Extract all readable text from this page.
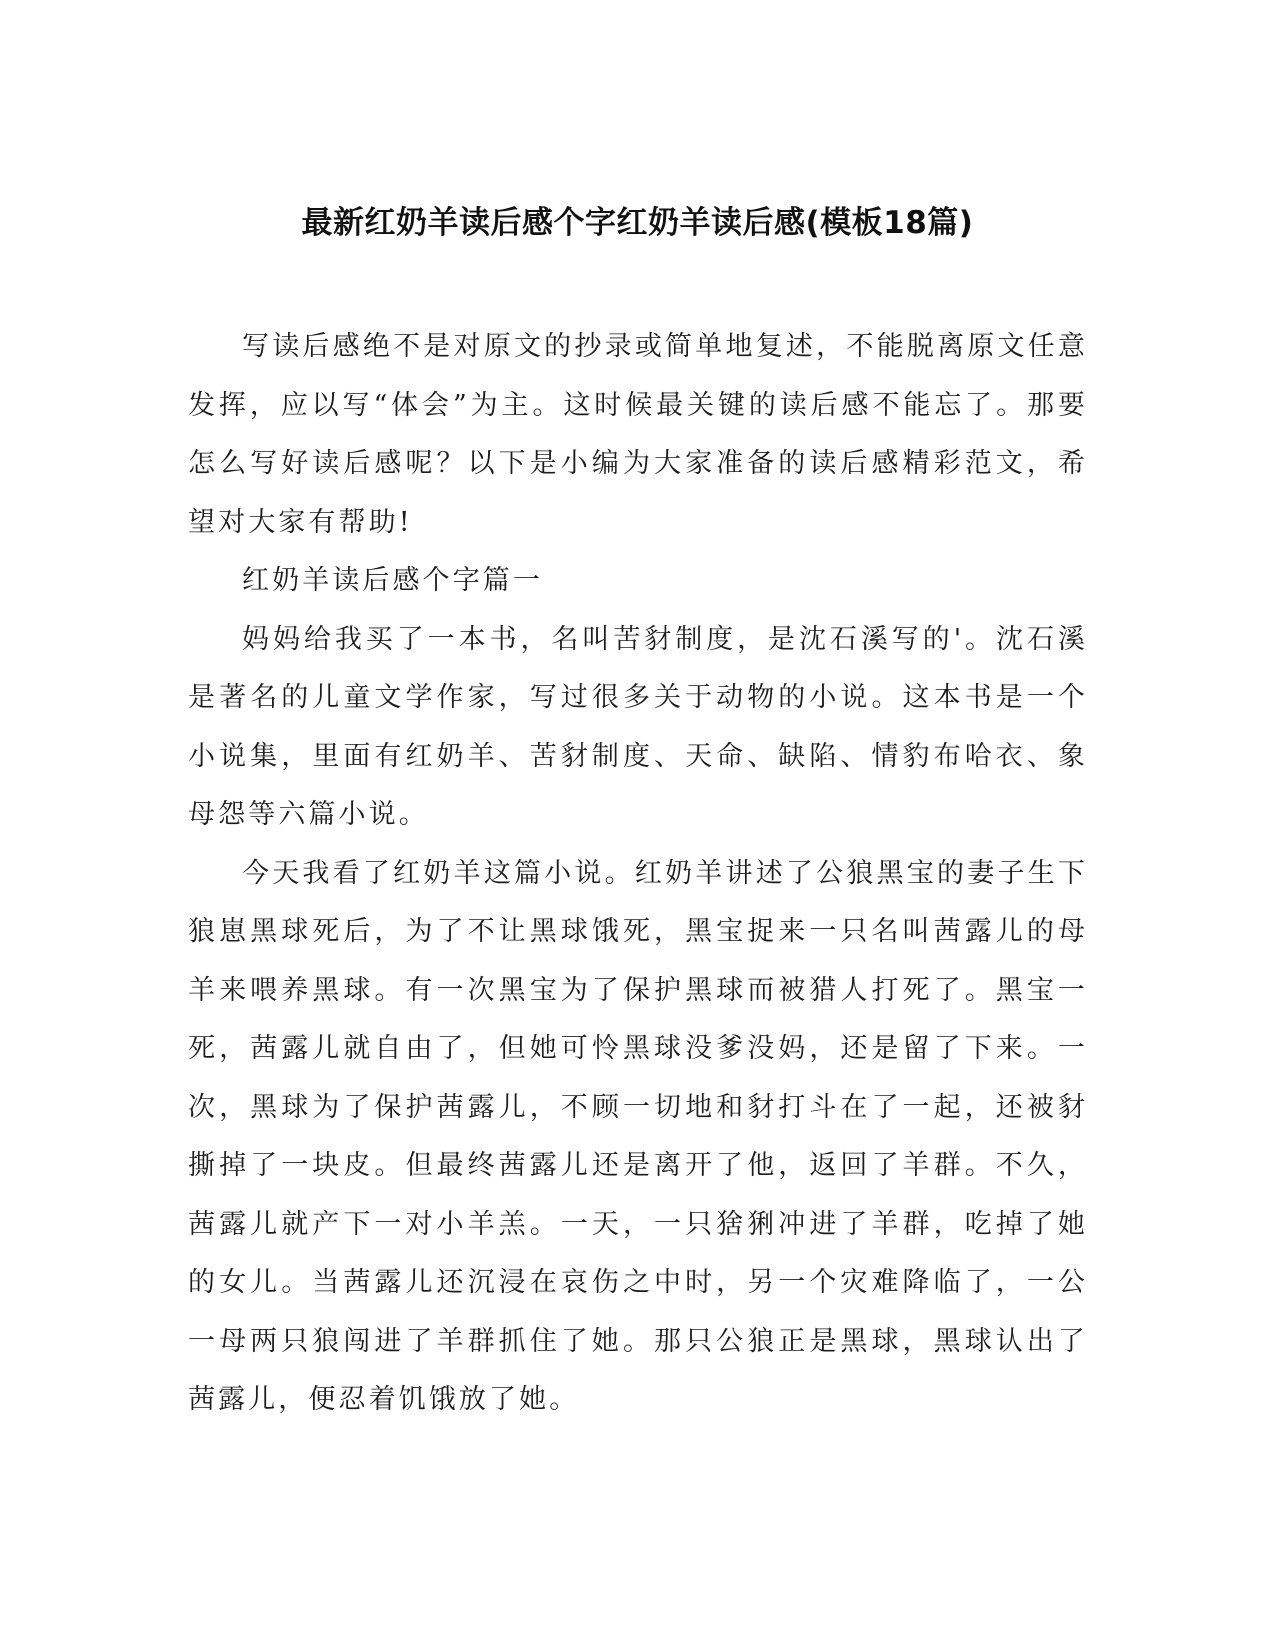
最新红奶羊读后感个字红奶羊读后感(模板18篇)

写读后感绝不是对原文的抄录或简单地复述，不能脱离原文任意发挥，应以写“体会”为主。这时候最关键的读后感不能忘了。那要怎么写好读后感呢？以下是小编为大家准备的读后感精彩范文，希望对大家有帮助!

红奶羊读后感个字篇一

妈妈给我买了一本书，名叫苦豺制度，是沈石溪写的'。沈石溪是著名的儿童文学作家，写过很多关于动物的小说。这本书是一个小说集，里面有红奶羊、苦豺制度、天命、缺陷、情豹布哈衣、象母怨等六篇小说。

今天我看了红奶羊这篇小说。红奶羊讲述了公狼黑宝的妻子生下狼崽黑球死后，为了不让黑球饿死，黑宝捉来一只名叫茜露儿的母羊来喂养黑球。有一次黑宝为了保护黑球而被猎人打死了。黑宝一死，茜露儿就自由了，但她可怜黑球没爹没妈，还是留了下来。一次，黑球为了保护茜露儿，不顾一切地和豺打斗在了一起，还被豺撕掉了一块皮。但最终茜露儿还是离开了他，返回了羊群。不久，茜露儿就产下一对小羊羔。一天，一只猞猁冲进了羊群，吃掉了她的女儿。当茜露儿还沉浸在哀伤之中时，另一个灾难降临了，一公一母两只狼闯进了羊群抓住了她。那只公狼正是黑球，黑球认出了茜露儿，便忍着饥饿放了她。
